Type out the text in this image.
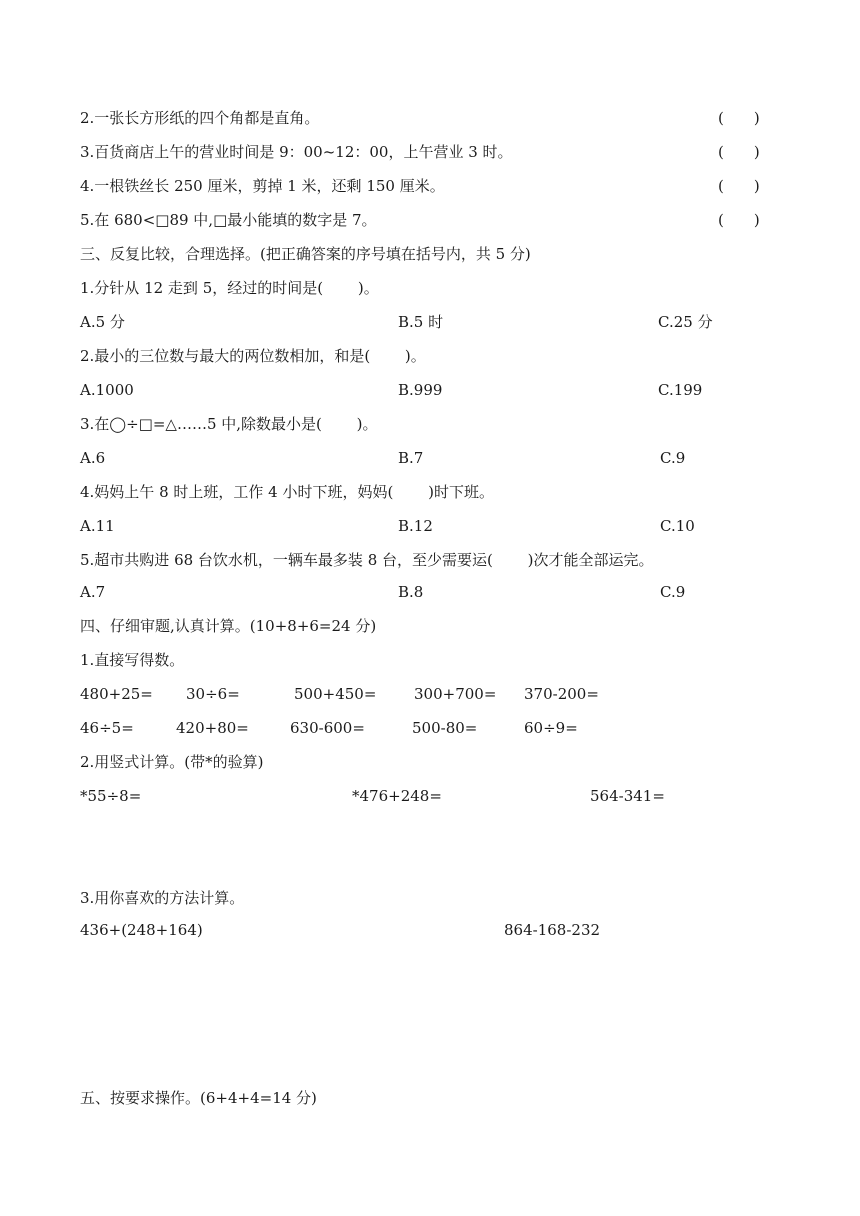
2.一张长方形纸的四个角都是直角。	(　　)
3.百货商店上午的营业时间是 9：00~12：00，上午营业 3 时。	(　　)
4.一根铁丝长 250 厘米，剪掉 1 米，还剩 150 厘米。	(　　)
5.在 680<□89 中,□最小能填的数字是 7。	(　　)
三、反复比较，合理选择。(把正确答案的序号填在括号内，共 5 分)
1.分针从 12 走到 5，经过的时间是(　　 )。
A.5 分	B.5 时	C.25 分
2.最小的三位数与最大的两位数相加，和是(　　 )。
A.1000	B.999	C.199
3.在◯÷□=△……5 中,除数最小是(　　 )。
A.6	B.7	C.9
4.妈妈上午 8 时上班，工作 4 小时下班，妈妈(　　 )时下班。
A.11	B.12	C.10
5.超市共购进 68 台饮水机，一辆车最多装 8 台，至少需要运(　　 )次才能全部运完。
A.7	B.8	C.9
四、仔细审题,认真计算。(10+8+6=24 分)
1.直接写得数。
480+25= 30÷6=	500+450=	300+700= 370-200=
46÷5=	420+80=	630-600=	500-80=	60÷9=
2.用竖式计算。(带*的验算)
*55÷8=	*476+248=	564-341=
3.用你喜欢的方法计算。
436+(248+164)	864-168-232
五、按要求操作。(6+4+4=14 分)
